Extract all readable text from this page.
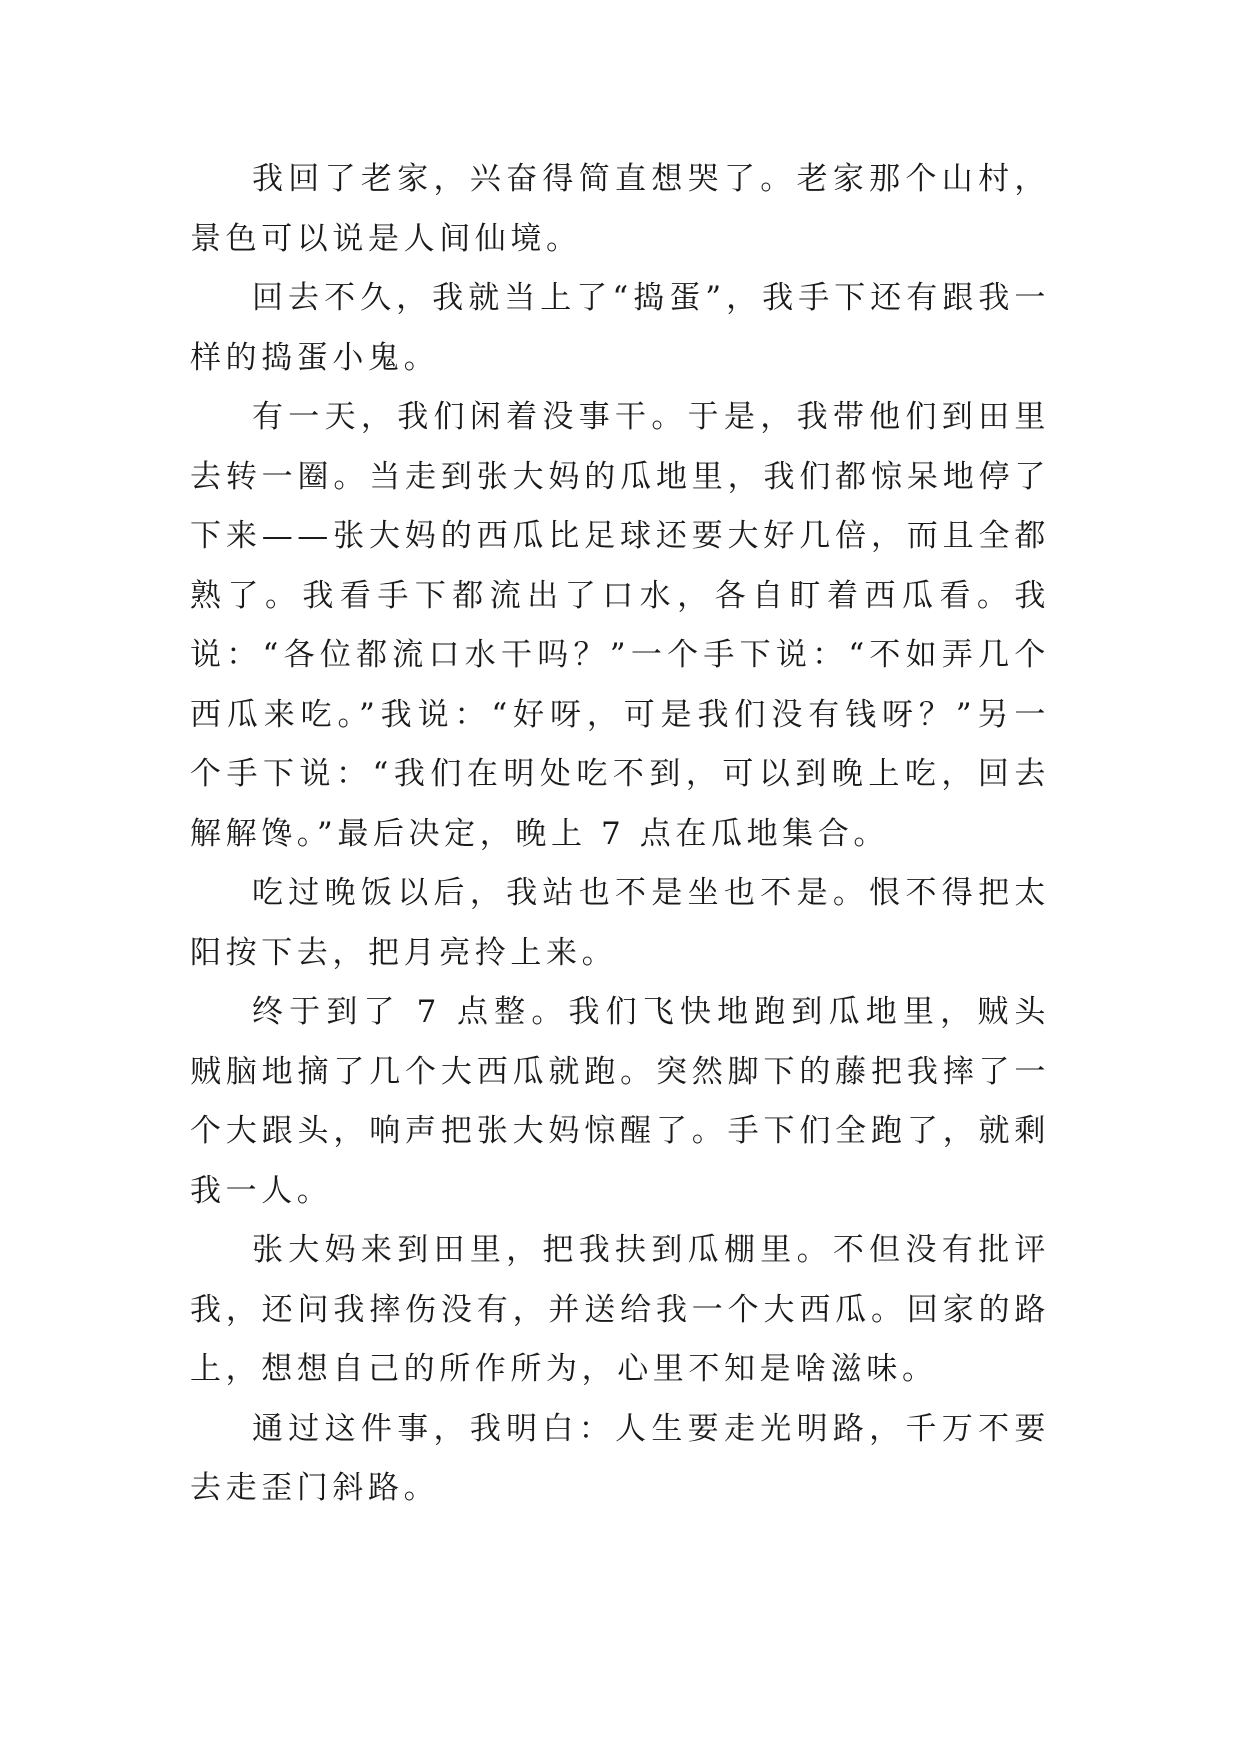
我回了老家，兴奋得简直想哭了。老家那个山村，景色可以说是人间仙境。

回去不久，我就当上了“捣蛋”，我手下还有跟我一样的捣蛋小鬼。

有一天，我们闲着没事干。于是，我带他们到田里去转一圈。当走到张大妈的瓜地里，我们都惊呆地停了下来——张大妈的西瓜比足球还要大好几倍，而且全都熟了。我看手下都流出了口水，各自盯着西瓜看。我说：“各位都流口水干吗？”一个手下说：“不如弄几个西瓜来吃。”我说：“好呀，可是我们没有钱呀？”另一个手下说：“我们在明处吃不到，可以到晚上吃，回去解解馋。”最后决定，晚上 7 点在瓜地集合。

吃过晚饭以后，我站也不是坐也不是。恨不得把太阳按下去，把月亮拎上来。

终于到了 7 点整。我们飞快地跑到瓜地里，贼头贼脑地摘了几个大西瓜就跑。突然脚下的藤把我摔了一个大跟头，响声把张大妈惊醒了。手下们全跑了，就剩我一人。

张大妈来到田里，把我扶到瓜棚里。不但没有批评我，还问我摔伤没有，并送给我一个大西瓜。回家的路上，想想自己的所作所为，心里不知是啥滋味。

通过这件事，我明白：人生要走光明路，千万不要去走歪门斜路。
